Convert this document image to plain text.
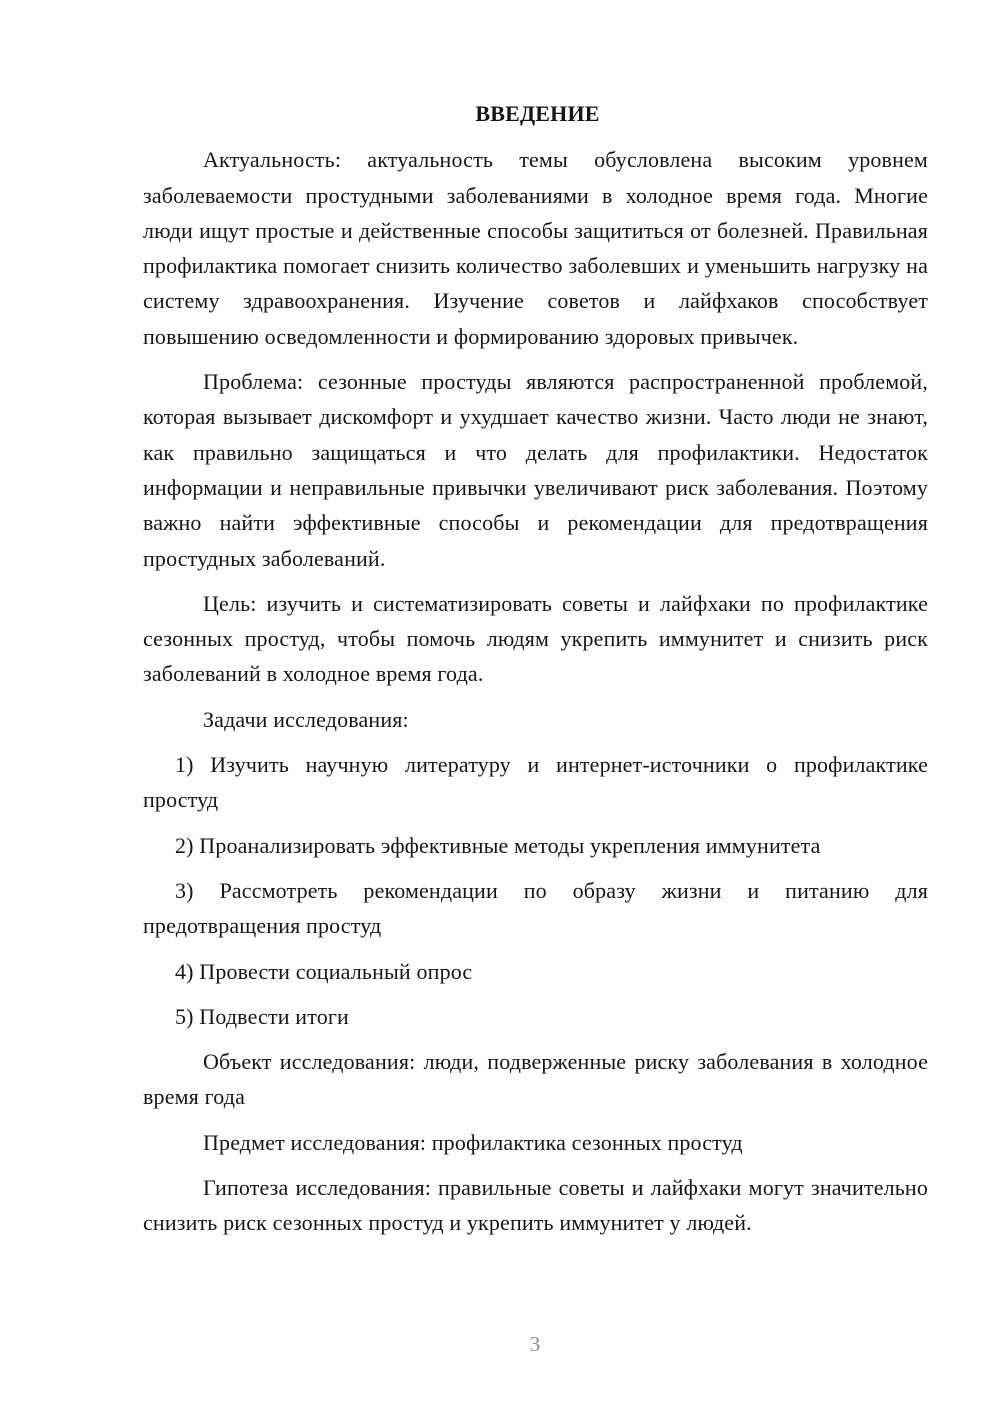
ВВЕДЕНИЕ
Актуальность: актуальность темы обусловлена высоким уровнем заболеваемости простудными заболеваниями в холодное время года. Многие люди ищут простые и действенные способы защититься от болезней. Правильная профилактика помогает снизить количество заболевших и уменьшить нагрузку на систему здравоохранения. Изучение советов и лайфхаков способствует повышению осведомленности и формированию здоровых привычек.
Проблема: сезонные простуды являются распространенной проблемой, которая вызывает дискомфорт и ухудшает качество жизни. Часто люди не знают, как правильно защищаться и что делать для профилактики. Недостаток информации и неправильные привычки увеличивают риск заболевания. Поэтому важно найти эффективные способы и рекомендации для предотвращения простудных заболеваний.
Цель: изучить и систематизировать советы и лайфхаки по профилактике сезонных простуд, чтобы помочь людям укрепить иммунитет и снизить риск заболеваний в холодное время года.
Задачи исследования:
1) Изучить научную литературу и интернет-источники о профилактике простуд
2) Проанализировать эффективные методы укрепления иммунитета
3) Рассмотреть рекомендации по образу жизни и питанию для предотвращения простуд
4) Провести социальный опрос
5) Подвести итоги
Объект исследования: люди, подверженные риску заболевания в холодное время года
Предмет исследования: профилактика сезонных простуд
Гипотеза исследования: правильные советы и лайфхаки могут значительно снизить риск сезонных простуд и укрепить иммунитет у людей.
3
